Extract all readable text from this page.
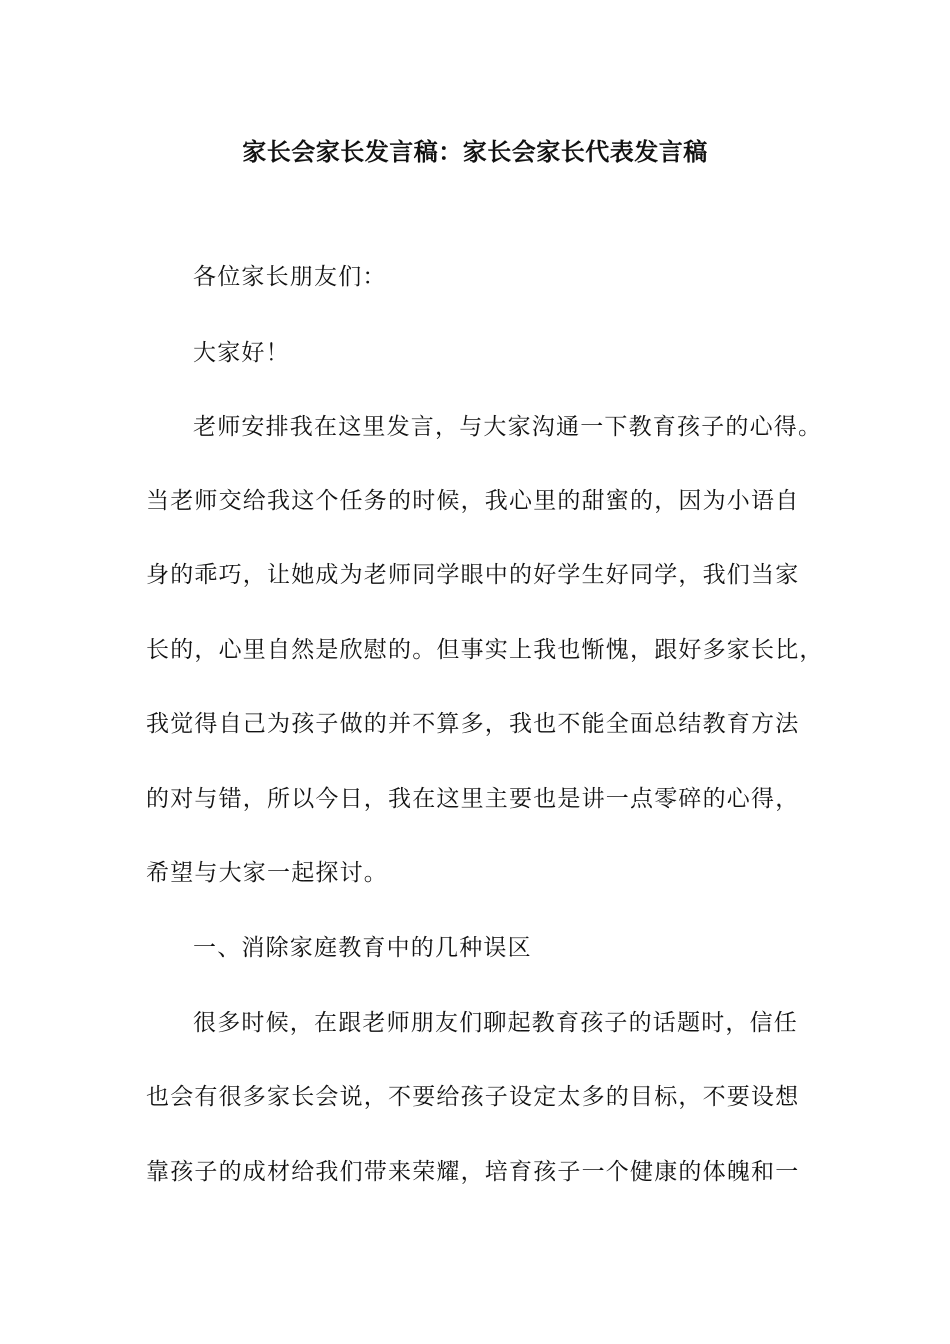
家长会家长发言稿：家长会家长代表发言稿
各位家长朋友们：
大家好！
老师安排我在这里发言，与大家沟通一下教育孩子的心得。
当老师交给我这个任务的时候，我心里的甜蜜的，因为小语自
身的乖巧，让她成为老师同学眼中的好学生好同学，我们当家
长的，心里自然是欣慰的。但事实上我也惭愧，跟好多家长比，
我觉得自己为孩子做的并不算多，我也不能全面总结教育方法
的对与错，所以今日，我在这里主要也是讲一点零碎的心得，
希望与大家一起探讨。
一、消除家庭教育中的几种误区
很多时候，在跟老师朋友们聊起教育孩子的话题时，信任
也会有很多家长会说，不要给孩子设定太多的目标，不要设想
靠孩子的成材给我们带来荣耀，培育孩子一个健康的体魄和一
